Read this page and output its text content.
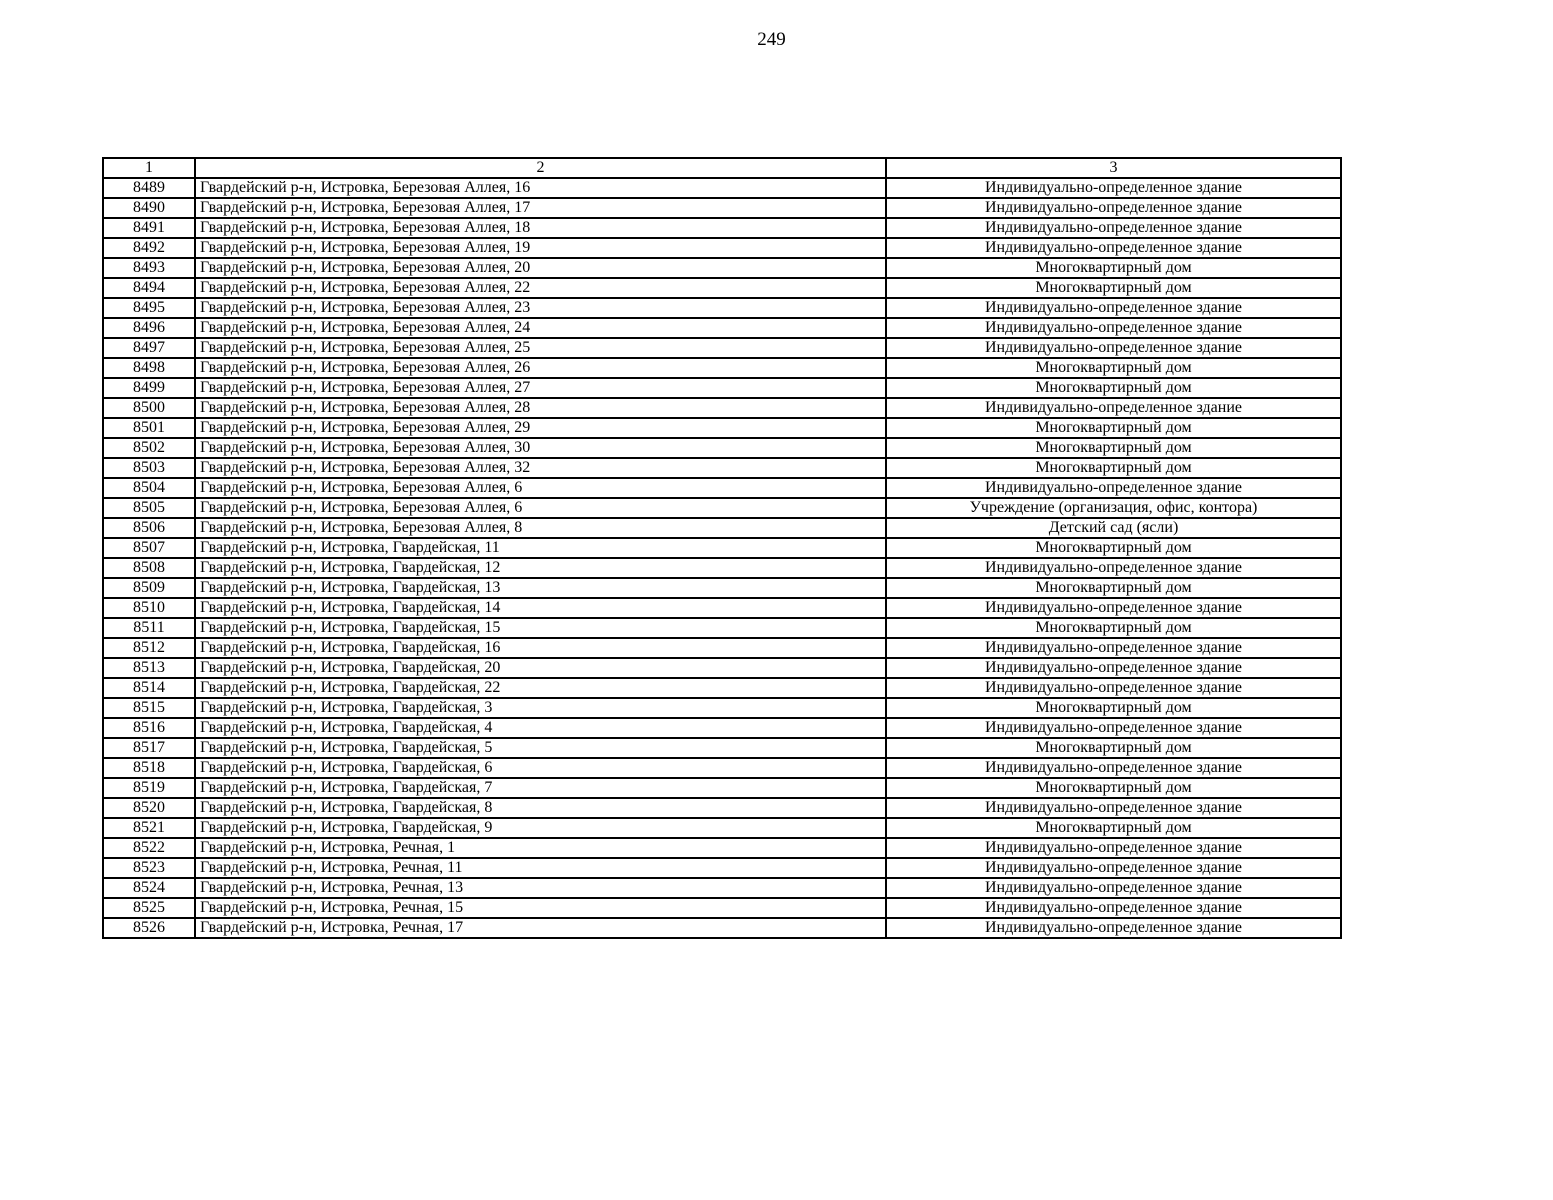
249
1	2	3
8489	Гвардейский р-н, Истровка, Березовая Аллея, 16	Индивидуально-определенное здание
8490	Гвардейский р-н, Истровка, Березовая Аллея, 17	Индивидуально-определенное здание
8491	Гвардейский р-н, Истровка, Березовая Аллея, 18	Индивидуально-определенное здание
8492	Гвардейский р-н, Истровка, Березовая Аллея, 19	Индивидуально-определенное здание
8493	Гвардейский р-н, Истровка, Березовая Аллея, 20	Многоквартирный дом
8494	Гвардейский р-н, Истровка, Березовая Аллея, 22	Многоквартирный дом
8495	Гвардейский р-н, Истровка, Березовая Аллея, 23	Индивидуально-определенное здание
8496	Гвардейский р-н, Истровка, Березовая Аллея, 24	Индивидуально-определенное здание
8497	Гвардейский р-н, Истровка, Березовая Аллея, 25	Индивидуально-определенное здание
8498	Гвардейский р-н, Истровка, Березовая Аллея, 26	Многоквартирный дом
8499	Гвардейский р-н, Истровка, Березовая Аллея, 27	Многоквартирный дом
8500	Гвардейский р-н, Истровка, Березовая Аллея, 28	Индивидуально-определенное здание
8501	Гвардейский р-н, Истровка, Березовая Аллея, 29	Многоквартирный дом
8502	Гвардейский р-н, Истровка, Березовая Аллея, 30	Многоквартирный дом
8503	Гвардейский р-н, Истровка, Березовая Аллея, 32	Многоквартирный дом
8504	Гвардейский р-н, Истровка, Березовая Аллея, 6	Индивидуально-определенное здание
8505	Гвардейский р-н, Истровка, Березовая Аллея, 6	Учреждение (организация, офис, контора)
8506	Гвардейский р-н, Истровка, Березовая Аллея, 8	Детский сад (ясли)
8507	Гвардейский р-н, Истровка, Гвардейская, 11	Многоквартирный дом
8508	Гвардейский р-н, Истровка, Гвардейская, 12	Индивидуально-определенное здание
8509	Гвардейский р-н, Истровка, Гвардейская, 13	Многоквартирный дом
8510	Гвардейский р-н, Истровка, Гвардейская, 14	Индивидуально-определенное здание
8511	Гвардейский р-н, Истровка, Гвардейская, 15	Многоквартирный дом
8512	Гвардейский р-н, Истровка, Гвардейская, 16	Индивидуально-определенное здание
8513	Гвардейский р-н, Истровка, Гвардейская, 20	Индивидуально-определенное здание
8514	Гвардейский р-н, Истровка, Гвардейская, 22	Индивидуально-определенное здание
8515	Гвардейский р-н, Истровка, Гвардейская, 3	Многоквартирный дом
8516	Гвардейский р-н, Истровка, Гвардейская, 4	Индивидуально-определенное здание
8517	Гвардейский р-н, Истровка, Гвардейская, 5	Многоквартирный дом
8518	Гвардейский р-н, Истровка, Гвардейская, 6	Индивидуально-определенное здание
8519	Гвардейский р-н, Истровка, Гвардейская, 7	Многоквартирный дом
8520	Гвардейский р-н, Истровка, Гвардейская, 8	Индивидуально-определенное здание
8521	Гвардейский р-н, Истровка, Гвардейская, 9	Многоквартирный дом
8522	Гвардейский р-н, Истровка, Речная, 1	Индивидуально-определенное здание
8523	Гвардейский р-н, Истровка, Речная, 11	Индивидуально-определенное здание
8524	Гвардейский р-н, Истровка, Речная, 13	Индивидуально-определенное здание
8525	Гвардейский р-н, Истровка, Речная, 15	Индивидуально-определенное здание
8526	Гвардейский р-н, Истровка, Речная, 17	Индивидуально-определенное здание
